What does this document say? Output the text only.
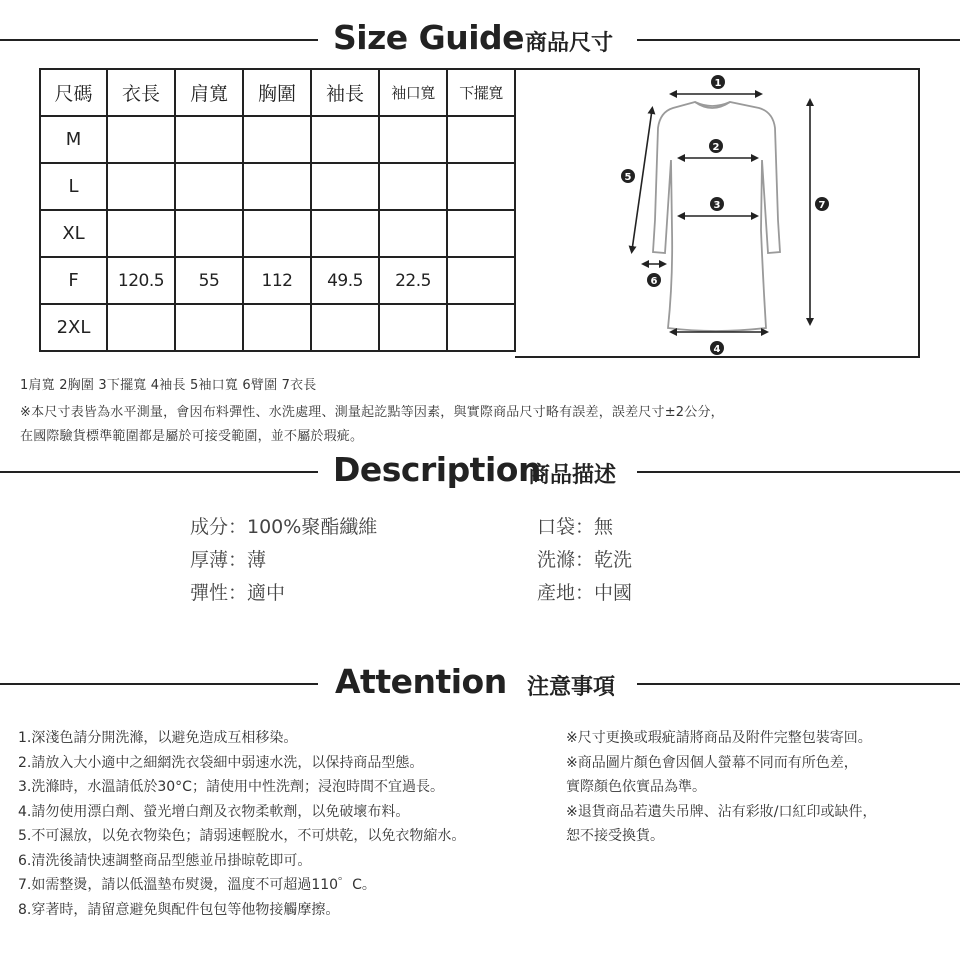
Size Guide 商品尺寸
尺碼	衣長	肩寬	胸圍	袖長	袖口寬	下擺寬
M						
L						
XL						
F	120.5	55	112	49.5	22.5	
2XL						
1
2
3
4
5
6
7
1肩寬 2胸圍 3下擺寬 4袖長 5袖口寬 6臂圍 7衣長
※本尺寸表皆為水平測量，會因布料彈性、水洗處理、測量起訖點等因素，與實際商品尺寸略有誤差，誤差尺寸±2公分，
在國際驗貨標準範圍都是屬於可接受範圍，並不屬於瑕疵。
Description
商品描述
成分：100%聚酯纖維
厚薄：薄
彈性：適中
口袋：無
洗滌：乾洗
產地：中國
Attention 注意事項
1.深淺色請分開洗滌，以避免造成互相移染。
2.請放入大小適中之細網洗衣袋細中弱速水洗，以保持商品型態。
3.洗滌時，水溫請低於30°C；請使用中性洗劑；浸泡時間不宜過長。
4.請勿使用漂白劑、螢光增白劑及衣物柔軟劑，以免破壞布料。
5.不可濕放，以免衣物染色；請弱速輕脫水，不可烘乾，以免衣物縮水。
6.清洗後請快速調整商品型態並吊掛晾乾即可。
7.如需整燙，請以低溫墊布熨燙，溫度不可超過110゜C。
8.穿著時，請留意避免與配件包包等他物接觸摩擦。
※尺寸更換或瑕疵請將商品及附件完整包裝寄回。
※商品圖片顏色會因個人螢幕不同而有所色差，
實際顏色依實品為準。
※退貨商品若遺失吊牌、沾有彩妝/口紅印或缺件，
恕不接受換貨。
